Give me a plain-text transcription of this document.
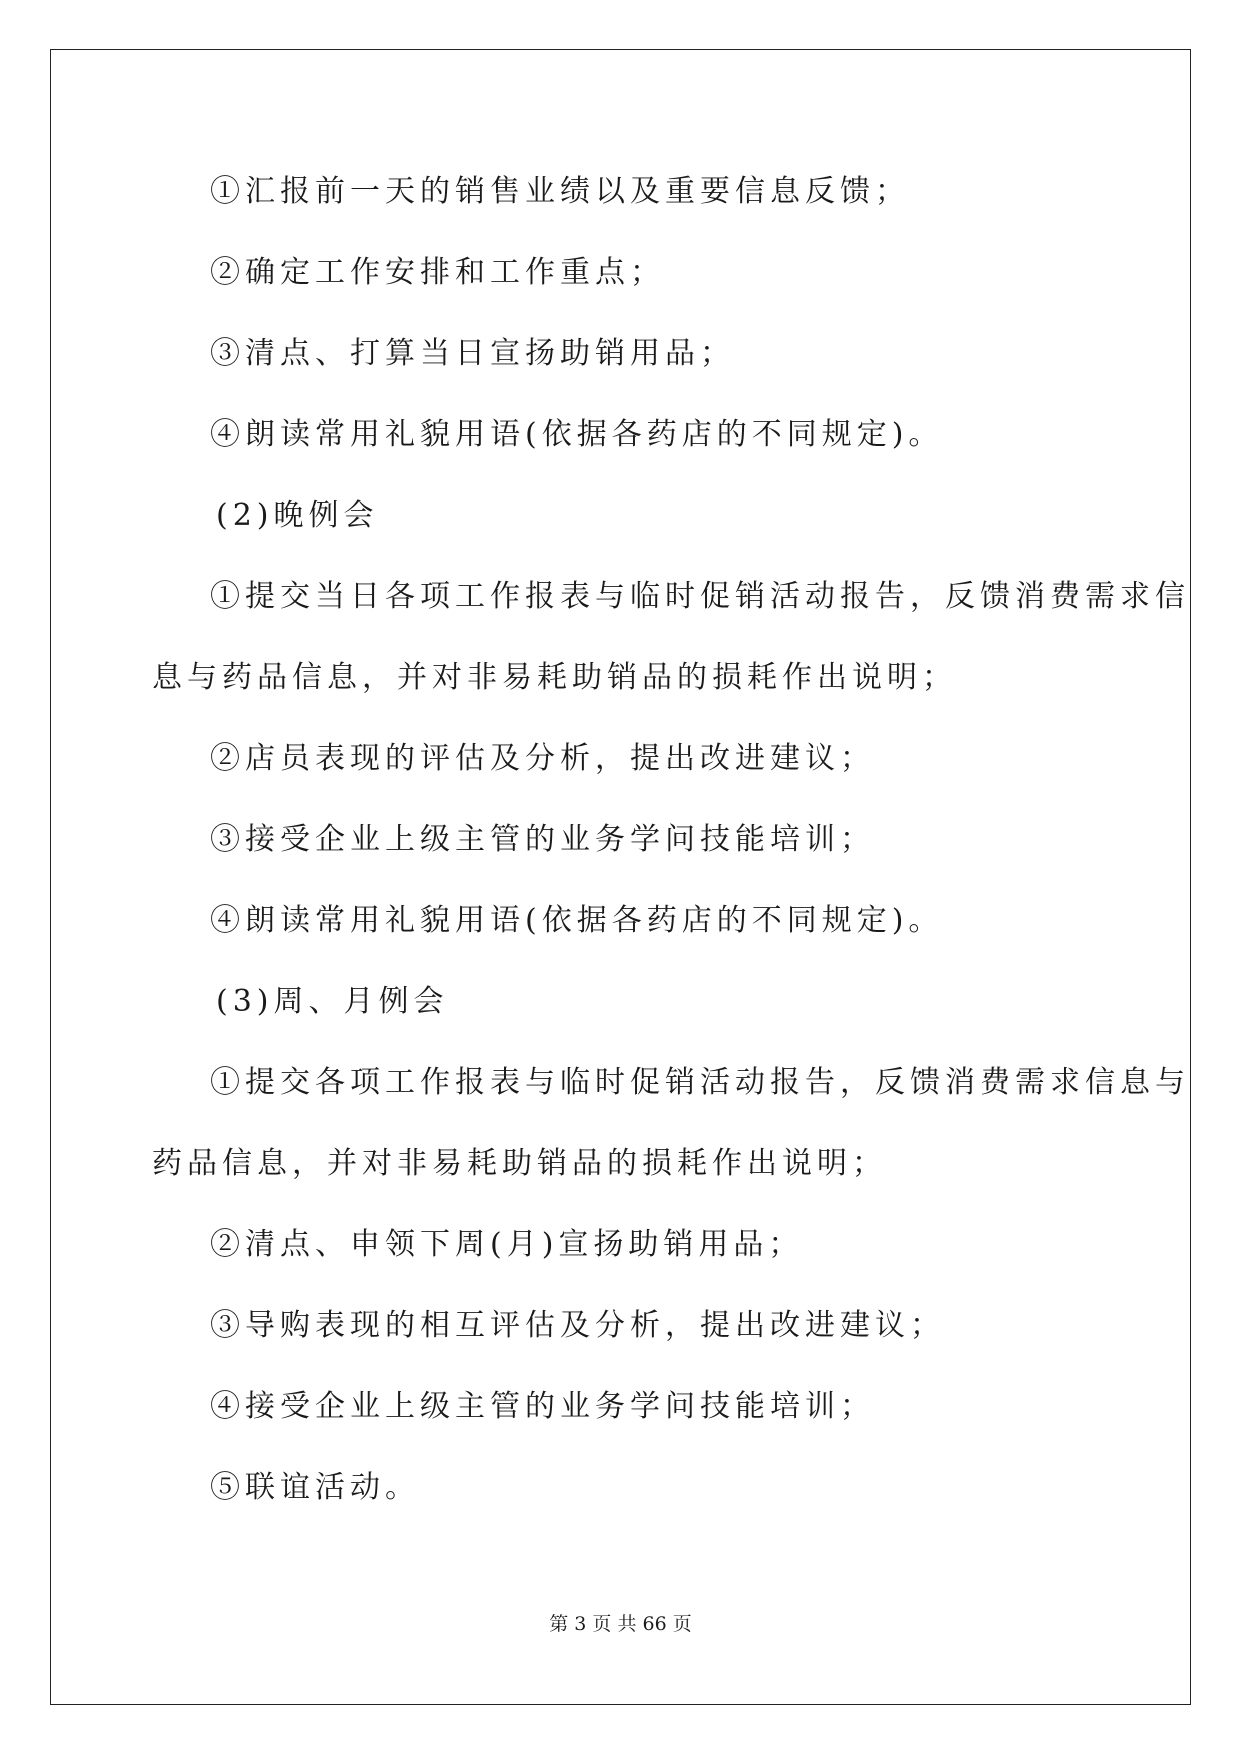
①汇报前一天的销售业绩以及重要信息反馈；

②确定工作安排和工作重点；

③清点、打算当日宣扬助销用品；

④朗读常用礼貌用语(依据各药店的不同规定)。

(2)晚例会

①提交当日各项工作报表与临时促销活动报告，反馈消费需求信

息与药品信息，并对非易耗助销品的损耗作出说明；

②店员表现的评估及分析，提出改进建议；

③接受企业上级主管的业务学问技能培训；

④朗读常用礼貌用语(依据各药店的不同规定)。

(3)周、月例会

①提交各项工作报表与临时促销活动报告，反馈消费需求信息与

药品信息，并对非易耗助销品的损耗作出说明；

②清点、申领下周(月)宣扬助销用品；

③导购表现的相互评估及分析，提出改进建议；

④接受企业上级主管的业务学问技能培训；

⑤联谊活动。

第 3 页 共 66 页
